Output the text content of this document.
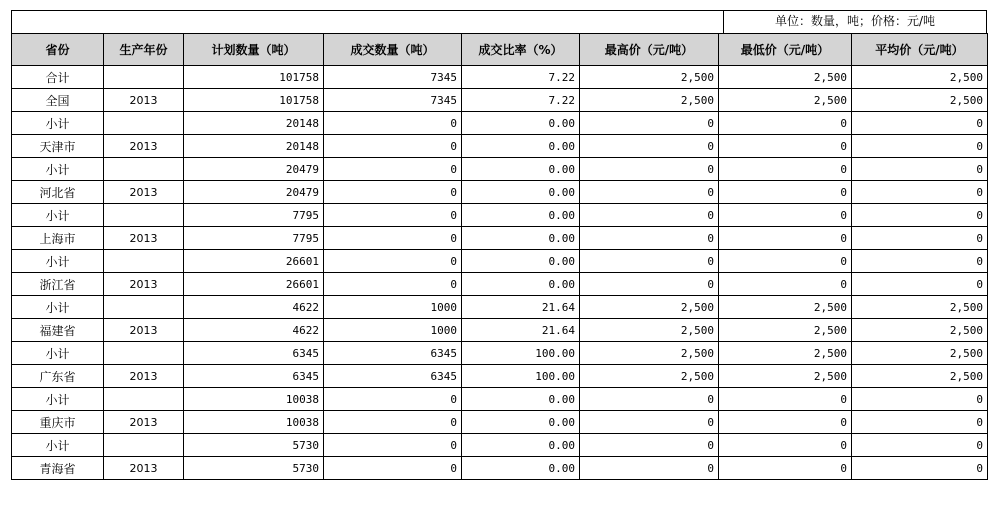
单位：数量，吨；价格：元/吨
省份	生产年份	计划数量（吨）	成交数量（吨）	成交比率（%）	最高价（元/吨）	最低价（元/吨）	平均价（元/吨）
合计		101758	7345	7.22	2,500	2,500	2,500
全国	2013	101758	7345	7.22	2,500	2,500	2,500
小计		20148	0	0.00	0	0	0
天津市	2013	20148	0	0.00	0	0	0
小计		20479	0	0.00	0	0	0
河北省	2013	20479	0	0.00	0	0	0
小计		7795	0	0.00	0	0	0
上海市	2013	7795	0	0.00	0	0	0
小计		26601	0	0.00	0	0	0
浙江省	2013	26601	0	0.00	0	0	0
小计		4622	1000	21.64	2,500	2,500	2,500
福建省	2013	4622	1000	21.64	2,500	2,500	2,500
小计		6345	6345	100.00	2,500	2,500	2,500
广东省	2013	6345	6345	100.00	2,500	2,500	2,500
小计		10038	0	0.00	0	0	0
重庆市	2013	10038	0	0.00	0	0	0
小计		5730	0	0.00	0	0	0
青海省	2013	5730	0	0.00	0	0	0
